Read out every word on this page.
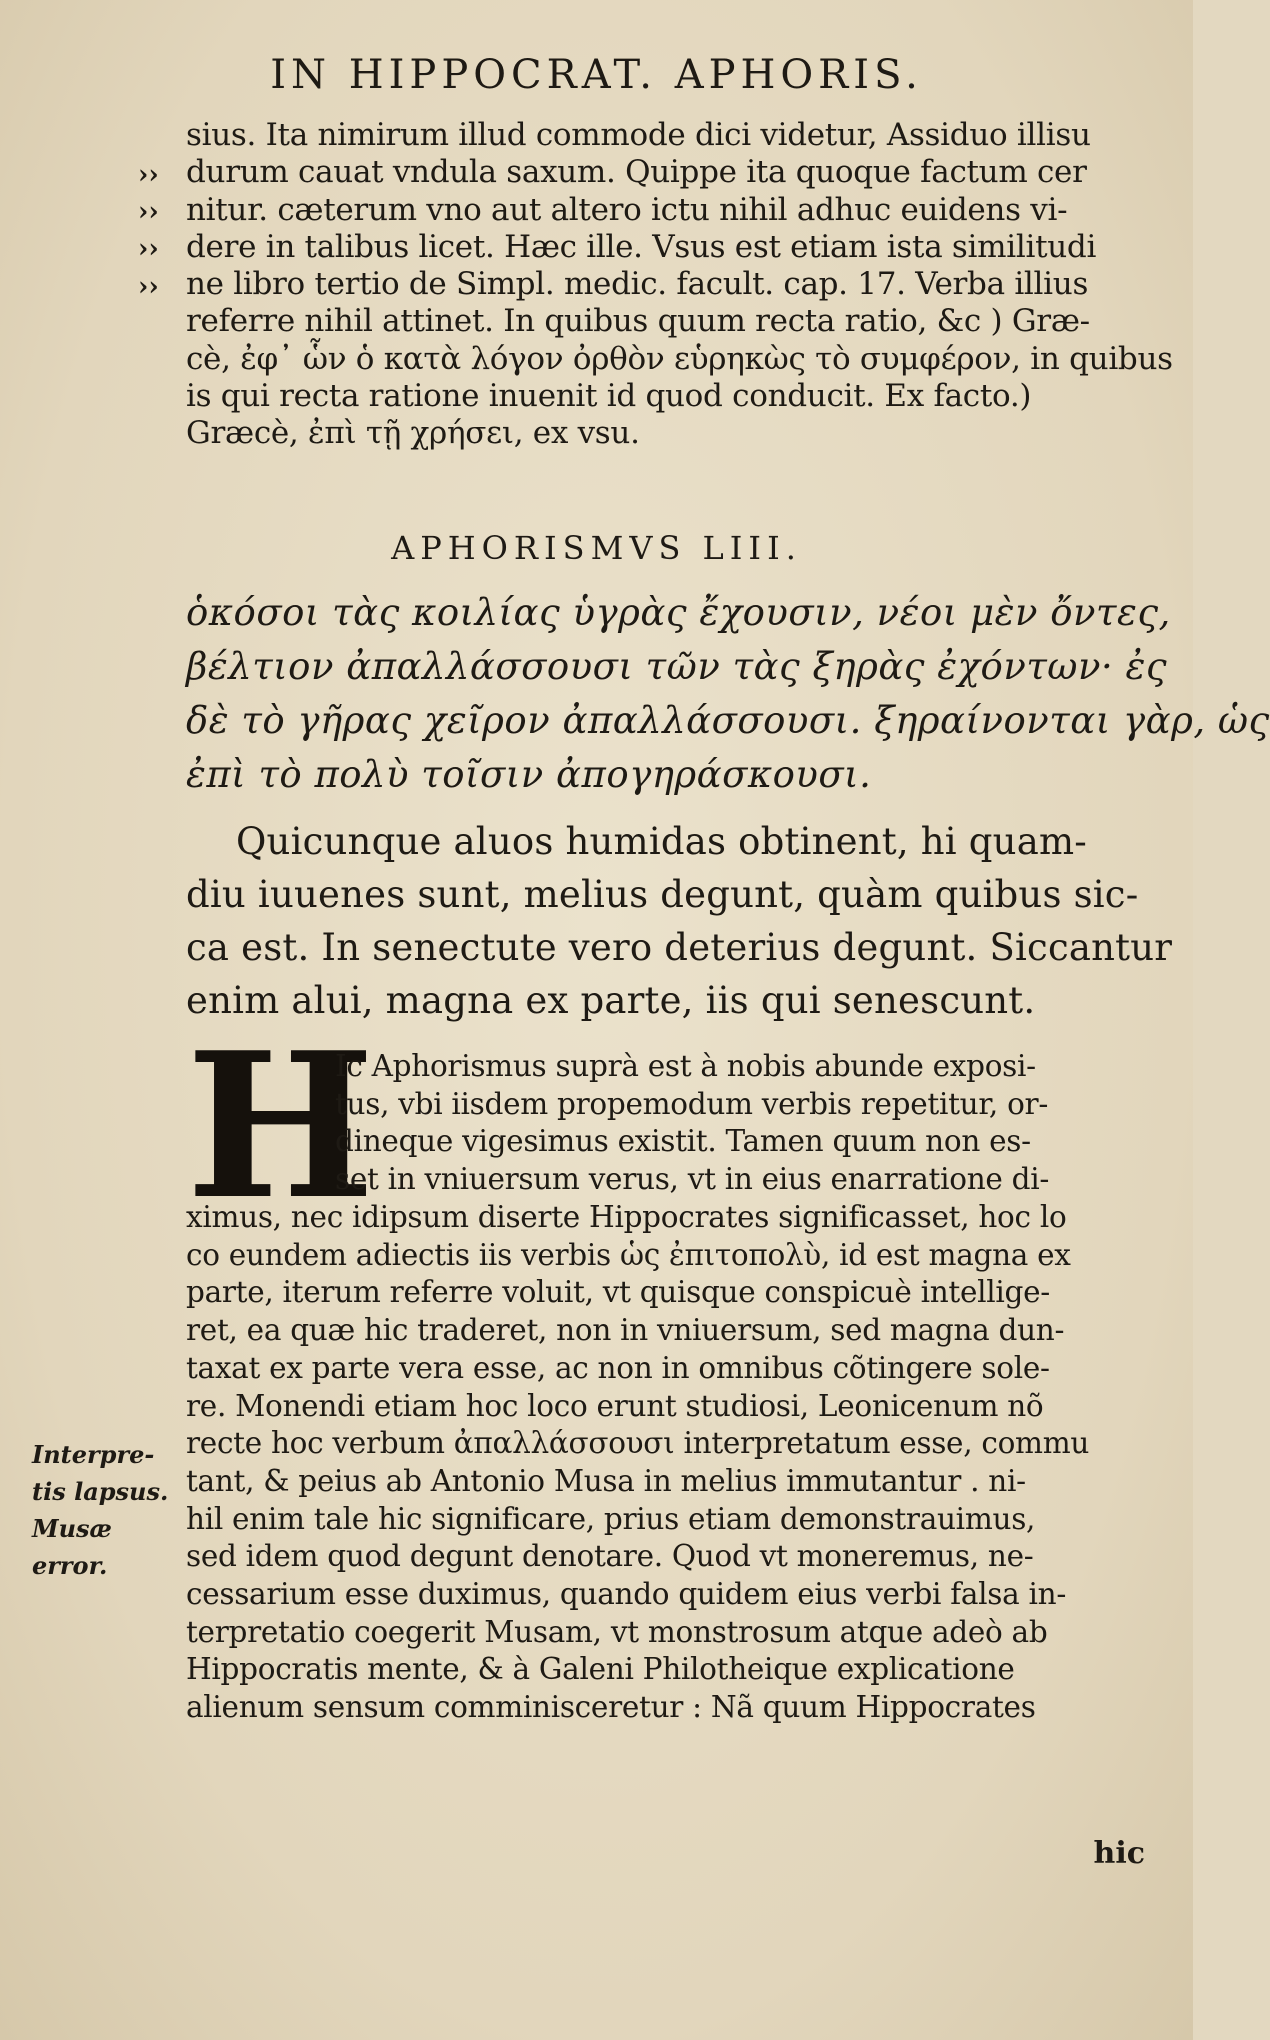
IN HIPPOCRAT. APHORIS.
sius. Ita nimirum illud commode dici videtur, Assiduo illisu
durum cauat vndula saxum. Quippe ita quoque factum cer
nitur. cæterum vno aut altero ictu nihil adhuc euidens vi-
dere in talibus licet. Hæc ille. Vsus est etiam ista similitudi
ne libro tertio de Simpl. medic. facult. cap. 17. Verba illius
referre nihil attinet. In quibus quum recta ratio, &c ) Græ-
cè, ἐφ᾽ ὧν ὁ κατὰ λόγον ὀρθὸν εὑρηκὼς τὸ συμφέρον, in quibus
is qui recta ratione inuenit id quod conducit. Ex facto.)
Græcè, ἐπὶ τῇ χρήσει, ex vsu.
››
››
››
››
APHORISMVS LIII.
ὁκόσοι τὰς κοιλίας ὑγρὰς ἔχουσιν, νέοι μὲν ὄντες,
βέλτιον ἀπαλλάσσουσι τῶν τὰς ξηρὰς ἐχόντων· ἐς
δὲ τὸ γῆρας χεῖρον ἀπαλλάσσουσι. ξηραίνονται γὰρ, ὡς
ἐπὶ τὸ πολὺ τοῖσιν ἀπογηράσκουσι.
Quicunque aluos humidas obtinent, hi quam-
diu iuuenes sunt, melius degunt, quàm quibus sic-
ca est. In senectute vero deterius degunt. Siccantur
enim alui, magna ex parte, iis qui senescunt.
H
Ic Aphorismus suprà est à nobis abunde exposi-
tus, vbi iisdem propemodum verbis repetitur, or-
dineque vigesimus existit. Tamen quum non es-
set in vniuersum verus, vt in eius enarratione di-
ximus, nec idipsum diserte Hippocrates significasset, hoc lo
co eundem adiectis iis verbis ὡς ἐπιτοπολὺ, id est magna ex
parte, iterum referre voluit, vt quisque conspicuè intellige-
ret, ea quæ hic traderet, non in vniuersum, sed magna dun-
taxat ex parte vera esse, ac non in omnibus cõtingere sole-
re. Monendi etiam hoc loco erunt studiosi, Leonicenum nõ
recte hoc verbum ἀπαλλάσσουσι interpretatum esse, commu
tant, & peius ab Antonio Musa in melius immutantur . ni-
hil enim tale hic significare, prius etiam demonstrauimus,
sed idem quod degunt denotare. Quod vt moneremus, ne-
cessarium esse duximus, quando quidem eius verbi falsa in-
terpretatio coegerit Musam, vt monstrosum atque adeò ab
Hippocratis mente, & à Galeni Philotheique explicatione
alienum sensum comminisceretur : Nã quum Hippocrates
Interpre-
tis lapsus.
Musæ
error.
hic
